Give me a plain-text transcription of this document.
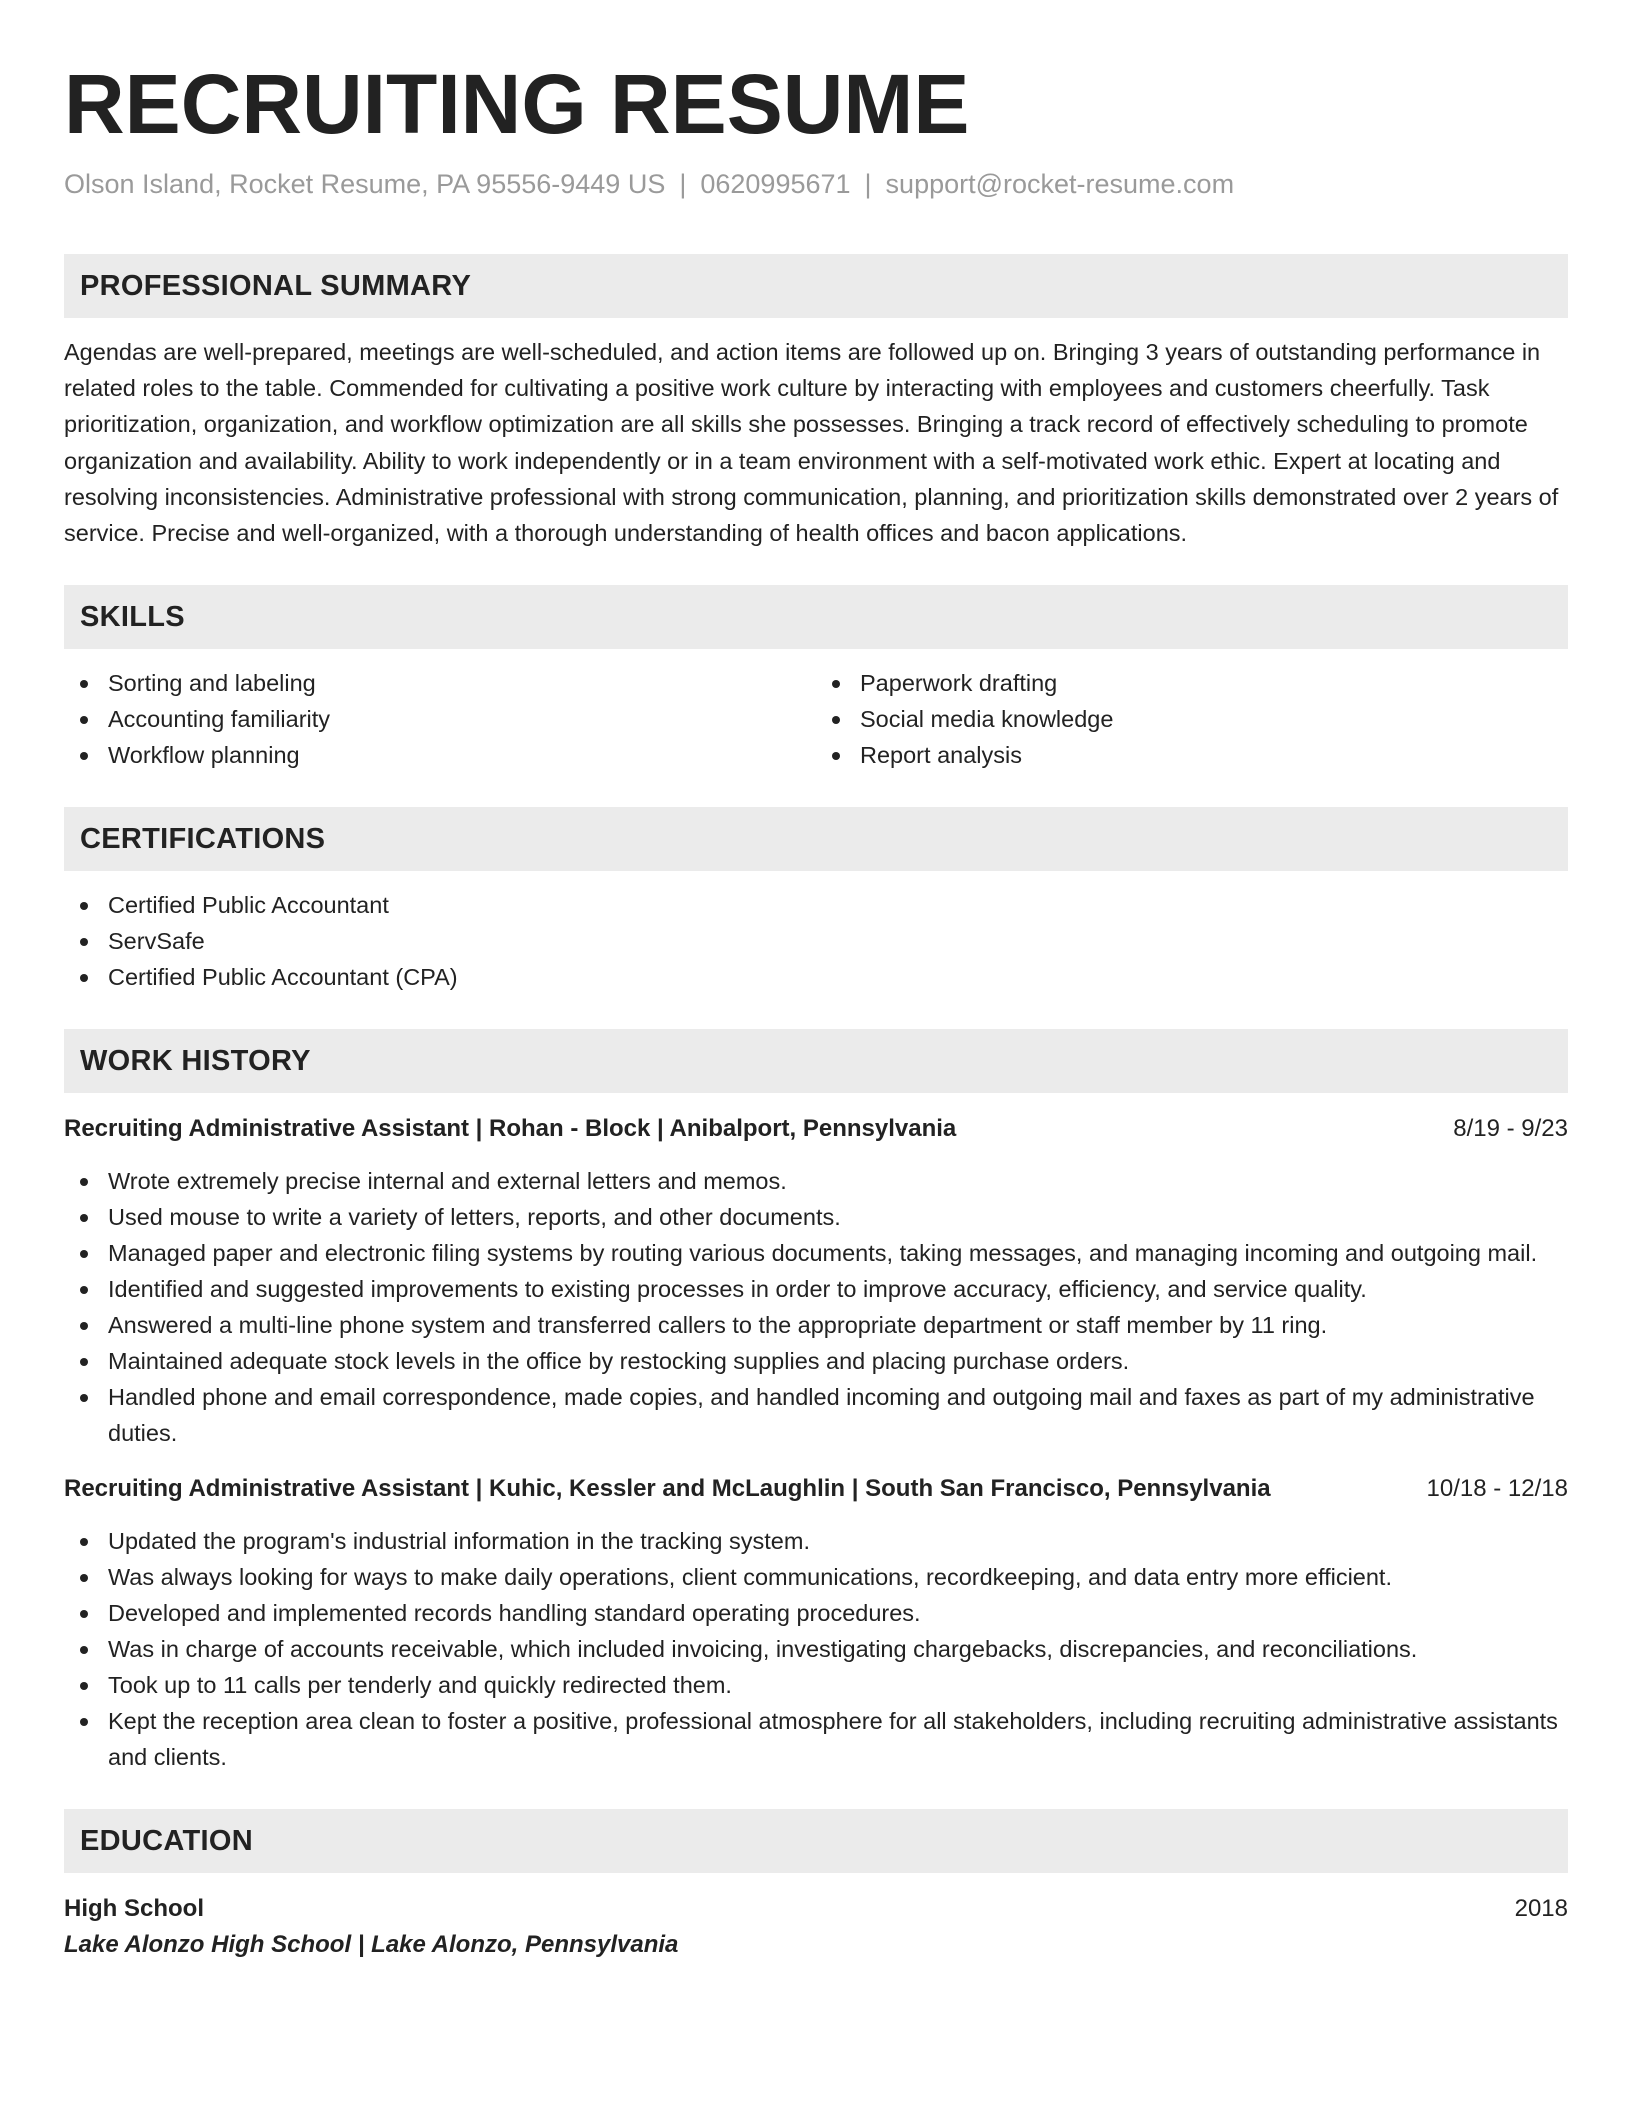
RECRUITING RESUME
Olson Island, Rocket Resume, PA 95556-9449 US | 0620995671 | support@rocket-resume.com
PROFESSIONAL SUMMARY
Agendas are well-prepared, meetings are well-scheduled, and action items are followed up on. Bringing 3 years of outstanding performance in related roles to the table. Commended for cultivating a positive work culture by interacting with employees and customers cheerfully. Task prioritization, organization, and workflow optimization are all skills she possesses. Bringing a track record of effectively scheduling to promote organization and availability. Ability to work independently or in a team environment with a self-motivated work ethic. Expert at locating and resolving inconsistencies. Administrative professional with strong communication, planning, and prioritization skills demonstrated over 2 years of service. Precise and well-organized, with a thorough understanding of health offices and bacon applications.
SKILLS
Sorting and labeling
Accounting familiarity
Workflow planning
Paperwork drafting
Social media knowledge
Report analysis
CERTIFICATIONS
Certified Public Accountant
ServSafe
Certified Public Accountant (CPA)
WORK HISTORY
Recruiting Administrative Assistant | Rohan - Block | Anibalport, Pennsylvania	8/19 - 9/23
Wrote extremely precise internal and external letters and memos.
Used mouse to write a variety of letters, reports, and other documents.
Managed paper and electronic filing systems by routing various documents, taking messages, and managing incoming and outgoing mail.
Identified and suggested improvements to existing processes in order to improve accuracy, efficiency, and service quality.
Answered a multi-line phone system and transferred callers to the appropriate department or staff member by 11 ring.
Maintained adequate stock levels in the office by restocking supplies and placing purchase orders.
Handled phone and email correspondence, made copies, and handled incoming and outgoing mail and faxes as part of my administrative duties.
Recruiting Administrative Assistant | Kuhic, Kessler and McLaughlin | South San Francisco, Pennsylvania	10/18 - 12/18
Updated the program's industrial information in the tracking system.
Was always looking for ways to make daily operations, client communications, recordkeeping, and data entry more efficient.
Developed and implemented records handling standard operating procedures.
Was in charge of accounts receivable, which included invoicing, investigating chargebacks, discrepancies, and reconciliations.
Took up to 11 calls per tenderly and quickly redirected them.
Kept the reception area clean to foster a positive, professional atmosphere for all stakeholders, including recruiting administrative assistants and clients.
EDUCATION
High School	2018
Lake Alonzo High School | Lake Alonzo, Pennsylvania
